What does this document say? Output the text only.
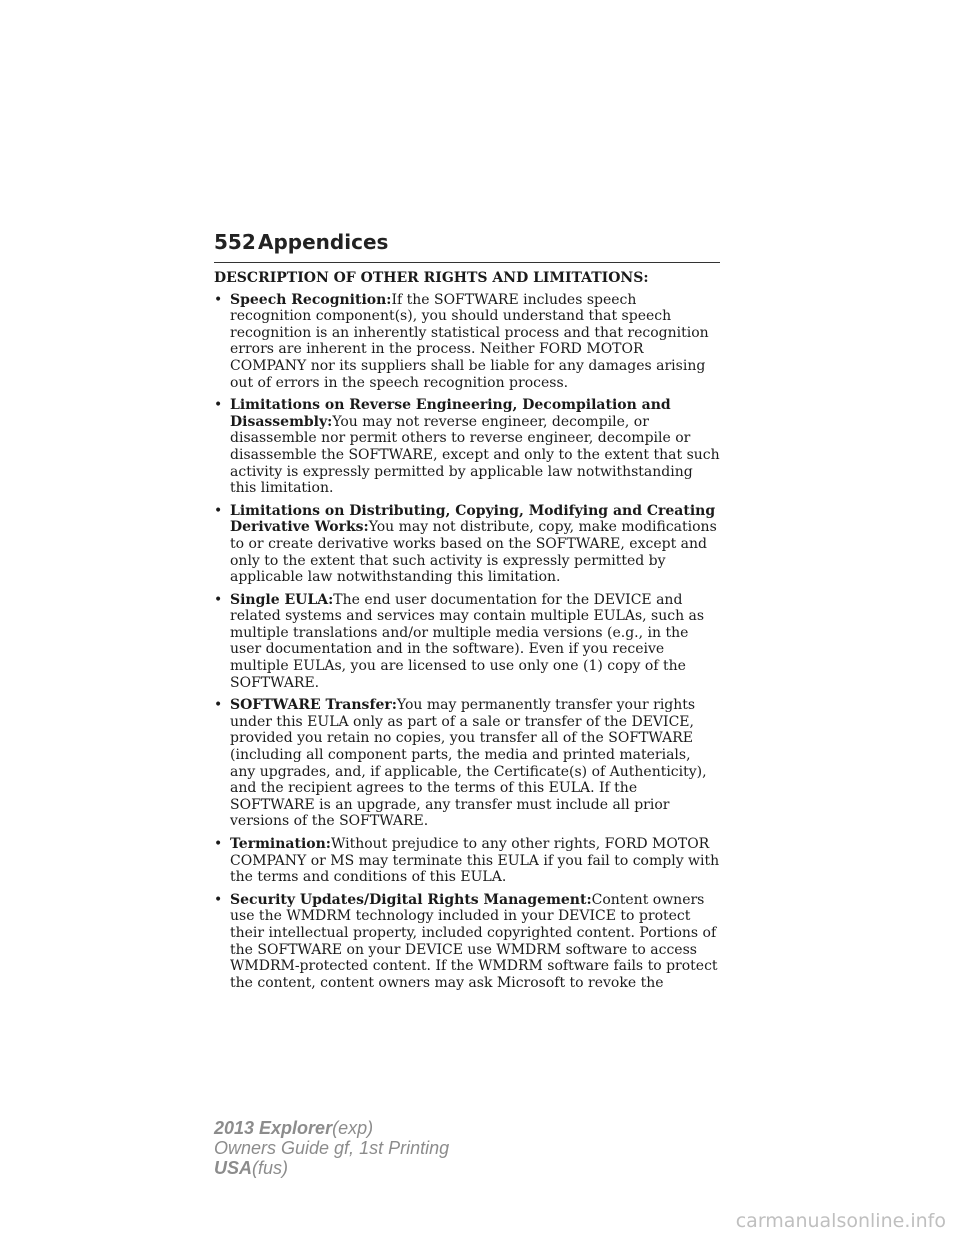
552 Appendices

DESCRIPTION OF OTHER RIGHTS AND LIMITATIONS:

• Speech Recognition:If the SOFTWARE includes speech recognition component(s), you should understand that speech recognition is an inherently statistical process and that recognition errors are inherent in the process. Neither FORD MOTOR COMPANY nor its suppliers shall be liable for any damages arising out of errors in the speech recognition process.
• Limitations on Reverse Engineering, Decompilation and Disassembly:You may not reverse engineer, decompile, or disassemble nor permit others to reverse engineer, decompile or disassemble the SOFTWARE, except and only to the extent that such activity is expressly permitted by applicable law notwithstanding this limitation.
• Limitations on Distributing, Copying, Modifying and Creating Derivative Works:You may not distribute, copy, make modifications to or create derivative works based on the SOFTWARE, except and only to the extent that such activity is expressly permitted by applicable law notwithstanding this limitation.
• Single EULA:The end user documentation for the DEVICE and related systems and services may contain multiple EULAs, such as multiple translations and/or multiple media versions (e.g., in the user documentation and in the software). Even if you receive multiple EULAs, you are licensed to use only one (1) copy of the SOFTWARE.
• SOFTWARE Transfer:You may permanently transfer your rights under this EULA only as part of a sale or transfer of the DEVICE, provided you retain no copies, you transfer all of the SOFTWARE (including all component parts, the media and printed materials, any upgrades, and, if applicable, the Certificate(s) of Authenticity), and the recipient agrees to the terms of this EULA. If the SOFTWARE is an upgrade, any transfer must include all prior versions of the SOFTWARE.
• Termination:Without prejudice to any other rights, FORD MOTOR COMPANY or MS may terminate this EULA if you fail to comply with the terms and conditions of this EULA.
• Security Updates/Digital Rights Management:Content owners use the WMDRM technology included in your DEVICE to protect their intellectual property, included copyrighted content. Portions of the SOFTWARE on your DEVICE use WMDRM software to access WMDRM-protected content. If the WMDRM software fails to protect the content, content owners may ask Microsoft to revoke the
2013 Explorer(exp)
Owners Guide gf, 1st Printing
USA(fus)
carmanualsonline.info
